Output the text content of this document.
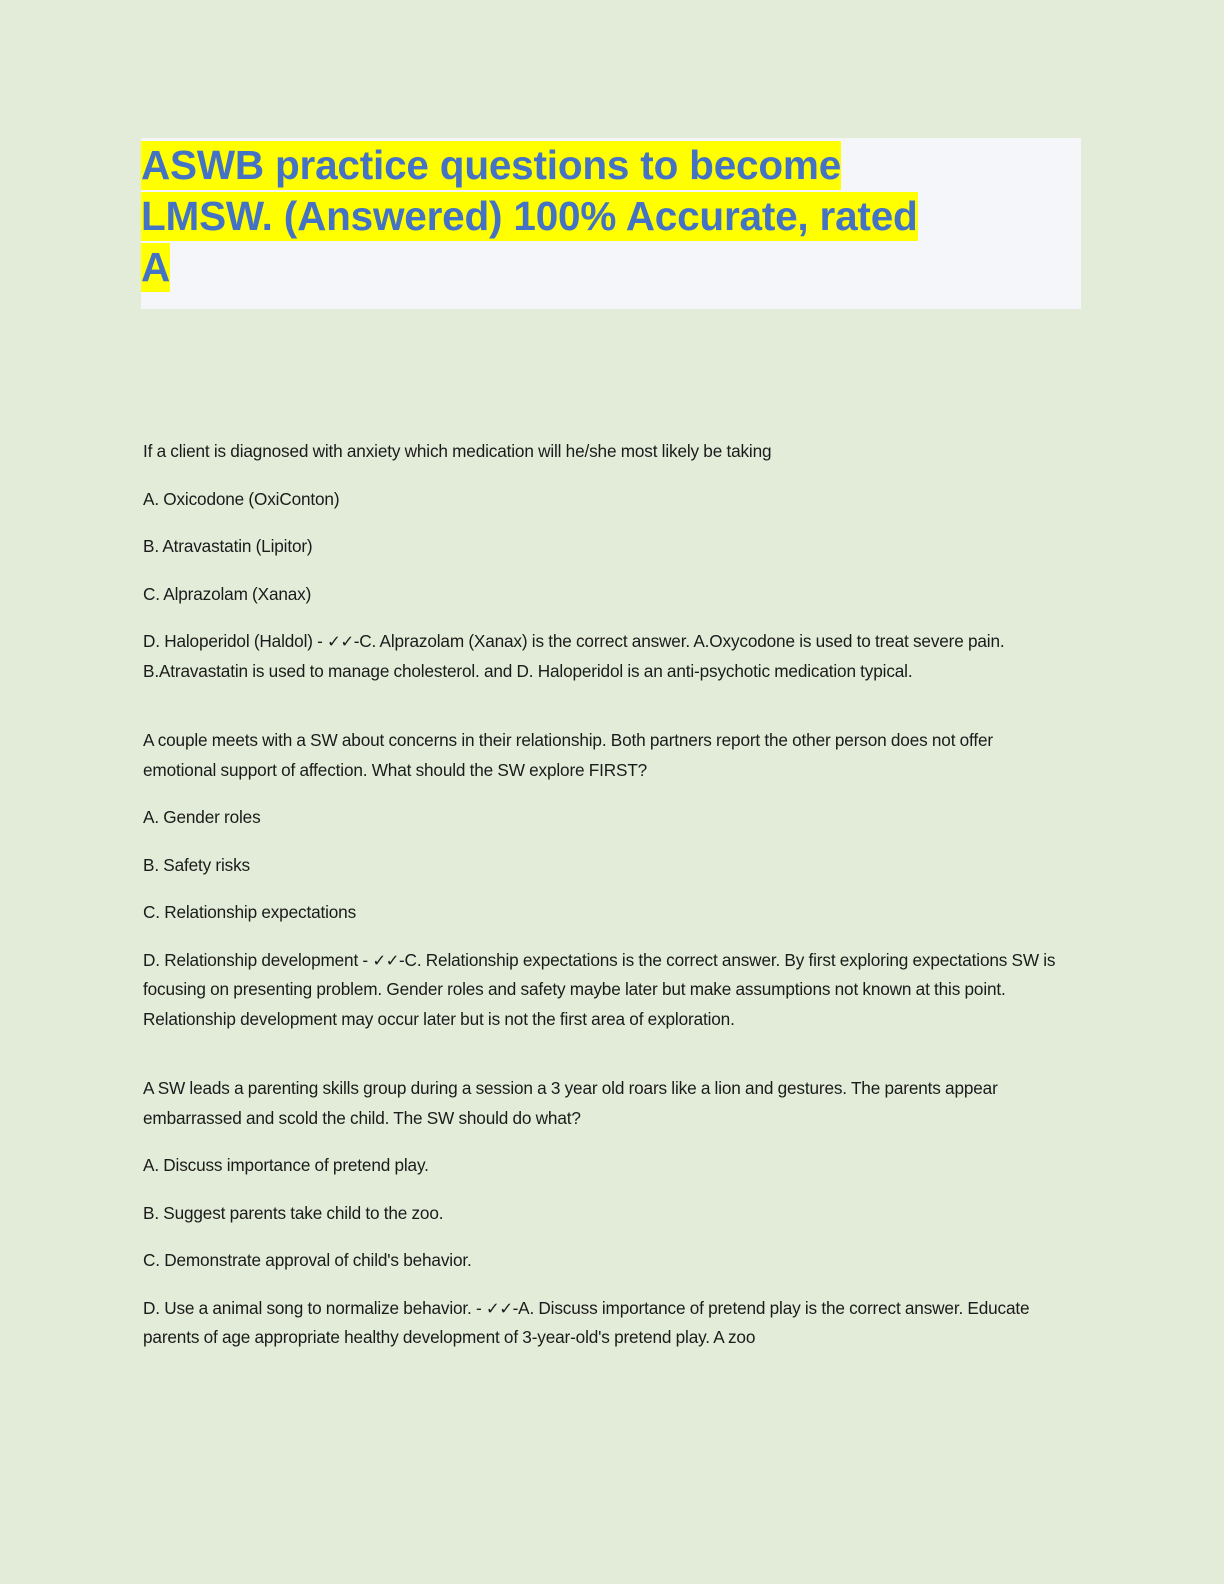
ASWB practice questions to become
LMSW. (Answered) 100% Accurate, rated
A

If a client is diagnosed with anxiety which medication will he/she most likely be taking

A. Oxicodone (OxiConton)

B. Atravastatin (Lipitor)

C. Alprazolam (Xanax)

D. Haloperidol (Haldol) - ✓✓-C. Alprazolam (Xanax) is the correct answer. A.Oxycodone is used to treat severe pain. B.Atravastatin is used to manage cholesterol. and D. Haloperidol is an anti-psychotic medication typical.

A couple meets with a SW about concerns in their relationship. Both partners report the other person does not offer emotional support of affection. What should the SW explore FIRST?

A. Gender roles

B. Safety risks

C. Relationship expectations

D. Relationship development - ✓✓-C. Relationship expectations is the correct answer. By first exploring expectations SW is focusing on presenting problem. Gender roles and safety maybe later but make assumptions not known at this point. Relationship development may occur later but is not the first area of exploration.

A SW leads a parenting skills group during a session a 3 year old roars like a lion and gestures. The parents appear embarrassed and scold the child. The SW should do what?

A. Discuss importance of pretend play.

B. Suggest parents take child to the zoo.

C. Demonstrate approval of child's behavior.

D. Use a animal song to normalize behavior. - ✓✓-A. Discuss importance of pretend play is the correct answer. Educate parents of age appropriate healthy development of 3-year-old's pretend play. A zoo
